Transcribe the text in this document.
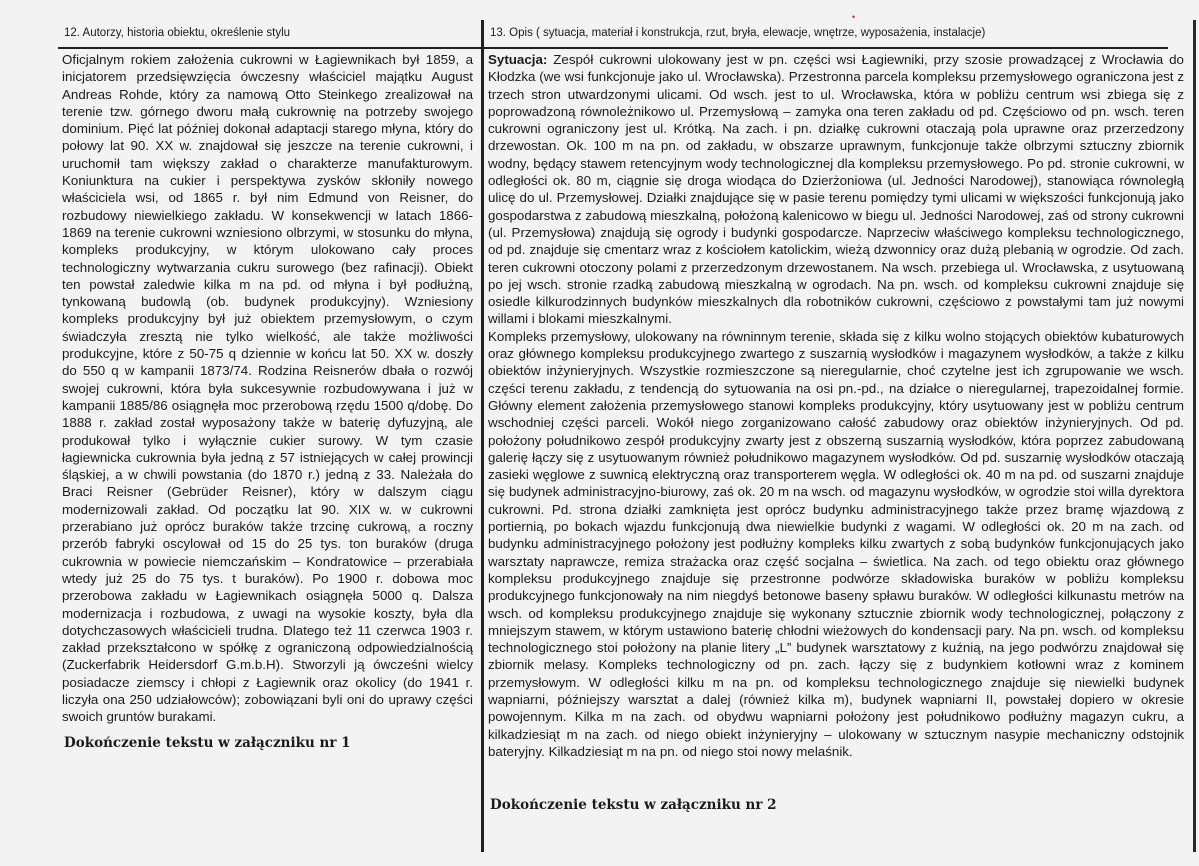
•
12. Autorzy, historia obiektu, określenie stylu	13. Opis ( sytuacja, materiał i konstrukcja, rzut, bryła, elewacje, wnętrze, wyposażenia, instalacje)

Oficjalnym rokiem założenia cukrowni w Łagiewnikach był 1859, a inicjatorem przedsięwzięcia ówczesny właściciel majątku August Andreas Rohde, który za namową Otto Steinkego zrealizował na terenie tzw. górnego dworu małą cukrownię na potrzeby swojego dominium. Pięć lat później dokonał adaptacji starego młyna, który do połowy lat 90. XX w. znajdował się jeszcze na terenie cukrowni, i uruchomił tam większy zakład o charakterze manufakturowym. Koniunktura na cukier i perspektywa zysków skłoniły nowego właściciela wsi, od 1865 r. był nim Edmund von Reisner, do rozbudowy niewielkiego zakładu. W konsekwencji w latach 1866-1869 na terenie cukrowni wzniesiono olbrzymi, w stosunku do młyna, kompleks produkcyjny, w którym ulokowano cały proces technologiczny wytwarzania cukru surowego (bez rafinacji). Obiekt ten powstał zaledwie kilka m na pd. od młyna i był podłużną, tynkowaną budowlą (ob. budynek produkcyjny). Wzniesiony kompleks produkcyjny był już obiektem przemysłowym, o czym świadczyła zresztą nie tylko wielkość, ale także możliwości produkcyjne, które z 50-75 q dziennie w końcu lat 50. XX w. doszły do 550 q w kampanii 1873/74. Rodzina Reisnerów dbała o rozwój swojej cukrowni, która była sukcesywnie rozbudowywana i już w kampanii 1885/86 osiągnęła moc przerobową rzędu 1500 q/dobę. Do 1888 r. zakład został wyposażony także w baterię dyfuzyjną, ale produkował tylko i wyłącznie cukier surowy. W tym czasie łagiewnicka cukrownia była jedną z 57 istniejących w całej prowincji śląskiej, a w chwili powstania (do 1870 r.) jedną z 33. Należała do Braci Reisner (Gebrüder Reisner), który w dalszym ciągu modernizowali zakład. Od początku lat 90. XIX w. w cukrowni przerabiano już oprócz buraków także trzcinę cukrową, a roczny przerób fabryki oscylował od 15 do 25 tys. ton buraków (druga cukrownia w powiecie niemczańskim – Kondratowice – przerabiała wtedy już 25 do 75 tys. t buraków). Po 1900 r. dobowa moc przerobowa zakładu w Łagiewnikach osiągnęła 5000 q. Dalsza modernizacja i rozbudowa, z uwagi na wysokie koszty, była dla dotychczasowych właścicieli trudna. Dlatego też 11 czerwca 1903 r. zakład przekształcono w spółkę z ograniczoną odpowiedzialnością (Zuckerfabrik Heidersdorf G.m.b.H). Stworzyli ją ówcześni wielcy posiadacze ziemscy i chłopi z Łagiewnik oraz okolicy (do 1941 r. liczyła ona 250 udziałowców); zobowiązani byli oni do uprawy części swoich gruntów burakami.

Dokończenie tekstu w załączniku nr 1

Sytuacja: Zespół cukrowni ulokowany jest w pn. części wsi Łagiewniki, przy szosie prowadzącej z Wrocławia do Kłodzka (we wsi funkcjonuje jako ul. Wrocławska). Przestronna parcela kompleksu przemysłowego ograniczona jest z trzech stron utwardzonymi ulicami. Od wsch. jest to ul. Wrocławska, która w pobliżu centrum wsi zbiega się z poprowadzoną równoleżnikowo ul. Przemysłową – zamyka ona teren zakładu od pd. Częściowo od pn. wsch. teren cukrowni ograniczony jest ul. Krótką. Na zach. i pn. działkę cukrowni otaczają pola uprawne oraz przerzedzony drzewostan. Ok. 100 m na pn. od zakładu, w obszarze uprawnym, funkcjonuje także olbrzymi sztuczny zbiornik wodny, będący stawem retencyjnym wody technologicznej dla kompleksu przemysłowego. Po pd. stronie cukrowni, w odległości ok. 80 m, ciągnie się droga wiodąca do Dzierżoniowa (ul. Jedności Narodowej), stanowiąca równoległą ulicę do ul. Przemysłowej. Działki znajdujące się w pasie terenu pomiędzy tymi ulicami w większości funkcjonują jako gospodarstwa z zabudową mieszkalną, położoną kalenicowo w biegu ul. Jedności Narodowej, zaś od strony cukrowni (ul. Przemysłowa) znajdują się ogrody i budynki gospodarcze. Naprzeciw właściwego kompleksu technologicznego, od pd. znajduje się cmentarz wraz z kościołem katolickim, wieżą dzwonnicy oraz dużą plebanią w ogrodzie. Od zach. teren cukrowni otoczony polami z przerzedzonym drzewostanem. Na wsch. przebiega ul. Wrocławska, z usytuowaną po jej wsch. stronie rzadką zabudową mieszkalną w ogrodach. Na pn. wsch. od kompleksu cukrowni znajduje się osiedle kilkurodzinnych budynków mieszkalnych dla robotników cukrowni, częściowo z powstałymi tam już nowymi willami i blokami mieszkalnymi.

Kompleks przemysłowy, ulokowany na równinnym terenie, składa się z kilku wolno stojących obiektów kubaturowych oraz głównego kompleksu produkcyjnego zwartego z suszarnią wysłodków i magazynem wysłodków, a także z kilku obiektów inżynieryjnych. Wszystkie rozmieszczone są nieregularnie, choć czytelne jest ich zgrupowanie we wsch. części terenu zakładu, z tendencją do sytuowania na osi pn.-pd., na działce o nieregularnej, trapezoidalnej formie. Główny element założenia przemysłowego stanowi kompleks produkcyjny, który usytuowany jest w pobliżu centrum wschodniej części parceli. Wokół niego zorganizowano całość zabudowy oraz obiektów inżynieryjnych. Od pd. położony południkowo zespół produkcyjny zwarty jest z obszerną suszarnią wysłodków, która poprzez zabudowaną galerię łączy się z usytuowanym również południkowo magazynem wysłodków. Od pd. suszarnię wysłodków otaczają zasieki węglowe z suwnicą elektryczną oraz transporterem węgla. W odległości ok. 40 m na pd. od suszarni znajduje się budynek administracyjno-biurowy, zaś ok. 20 m na wsch. od magazynu wysłodków, w ogrodzie stoi willa dyrektora cukrowni. Pd. strona działki zamknięta jest oprócz budynku administracyjnego także przez bramę wjazdową z portiernią, po bokach wjazdu funkcjonują dwa niewielkie budynki z wagami. W odległości ok. 20 m na zach. od budynku administracyjnego położony jest podłużny kompleks kilku zwartych z sobą budynków funkcjonujących jako warsztaty naprawcze, remiza strażacka oraz część socjalna – świetlica. Na zach. od tego obiektu oraz głównego kompleksu produkcyjnego znajduje się przestronne podwórze składowiska buraków w pobliżu kompleksu produkcyjnego funkcjonowały na nim niegdyś betonowe baseny spławu buraków. W odległości kilkunastu metrów na wsch. od kompleksu produkcyjnego znajduje się wykonany sztucznie zbiornik wody technologicznej, połączony z mniejszym stawem, w którym ustawiono baterię chłodni wieżowych do kondensacji pary. Na pn. wsch. od kompleksu technologicznego stoi położony na planie litery „L” budynek warsztatowy z kuźnią, na jego podwórzu znajdował się zbiornik melasy. Kompleks technologiczny od pn. zach. łączy się z budynkiem kotłowni wraz z kominem przemysłowym. W odległości kilku m na pn. od kompleksu technologicznego znajduje się niewielki budynek wapniarni, późniejszy warsztat a dalej (również kilka m), budynek wapniarni II, powstałej dopiero w okresie powojennym. Kilka m na zach. od obydwu wapniarni położony jest południkowo podłużny magazyn cukru, a kilkadziesiąt m na zach. od niego obiekt inżynieryjny – ulokowany w sztucznym nasypie mechaniczny odstojnik bateryjny. Kilkadziesiąt m na pn. od niego stoi nowy melaśnik.

Dokończenie tekstu w załączniku nr 2
